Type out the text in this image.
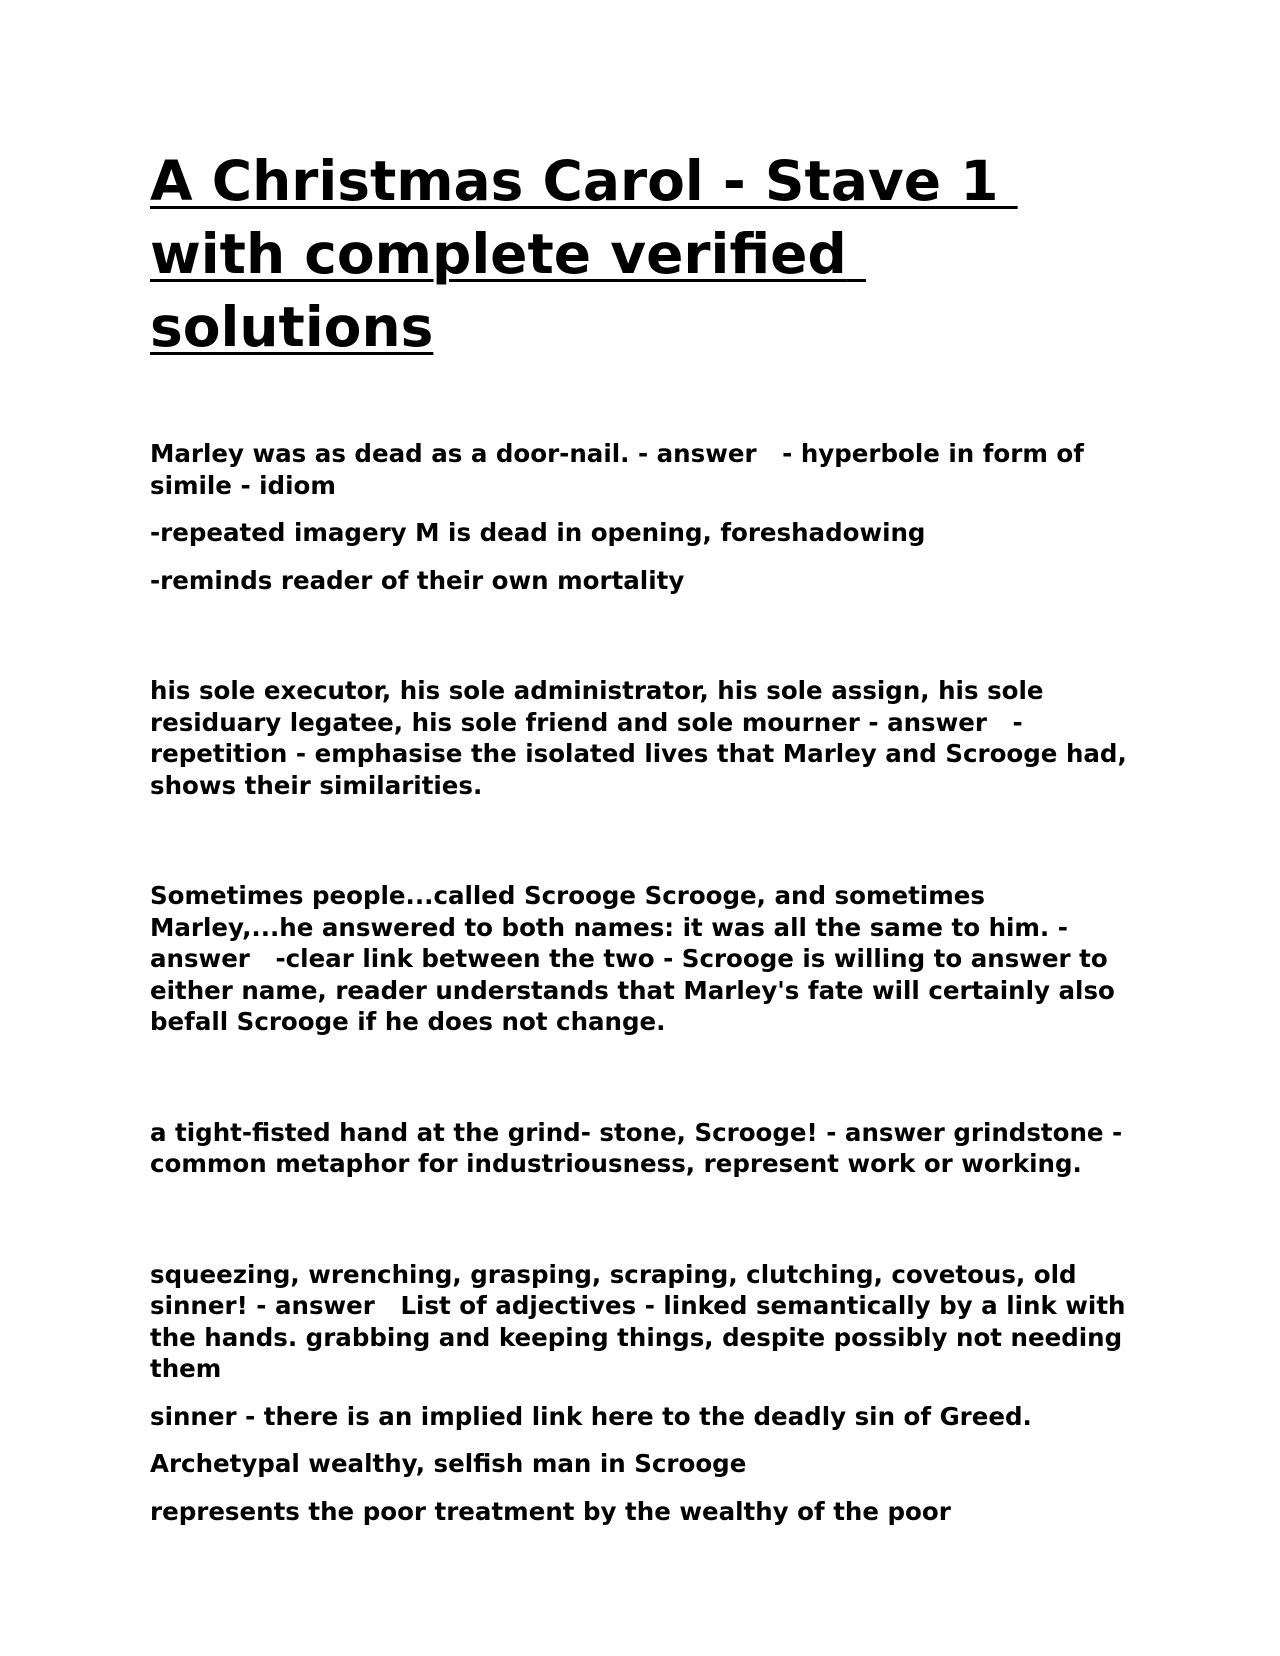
A Christmas Carol - Stave 1 with complete verified solutions

Marley was as dead as a door-nail. - answer   - hyperbole in form of simile - idiom

-repeated imagery M is dead in opening, foreshadowing

-reminds reader of their own mortality

his sole executor, his sole administrator, his sole assign, his sole residuary legatee, his sole friend and sole mourner - answer   - repetition - emphasise the isolated lives that Marley and Scrooge had, shows their similarities.

Sometimes people...called Scrooge Scrooge, and sometimes Marley,...he answered to both names: it was all the same to him. - answer   -clear link between the two - Scrooge is willing to answer to either name, reader understands that Marley's fate will certainly also befall Scrooge if he does not change.

a tight-fisted hand at the grind- stone, Scrooge! - answer grindstone - common metaphor for industriousness, represent work or working.

squeezing, wrenching, grasping, scraping, clutching, covetous, old sinner! - answer   List of adjectives - linked semantically by a link with the hands. grabbing and keeping things, despite possibly not needing them

sinner - there is an implied link here to the deadly sin of Greed.

Archetypal wealthy, selfish man in Scrooge

represents the poor treatment by the wealthy of the poor
